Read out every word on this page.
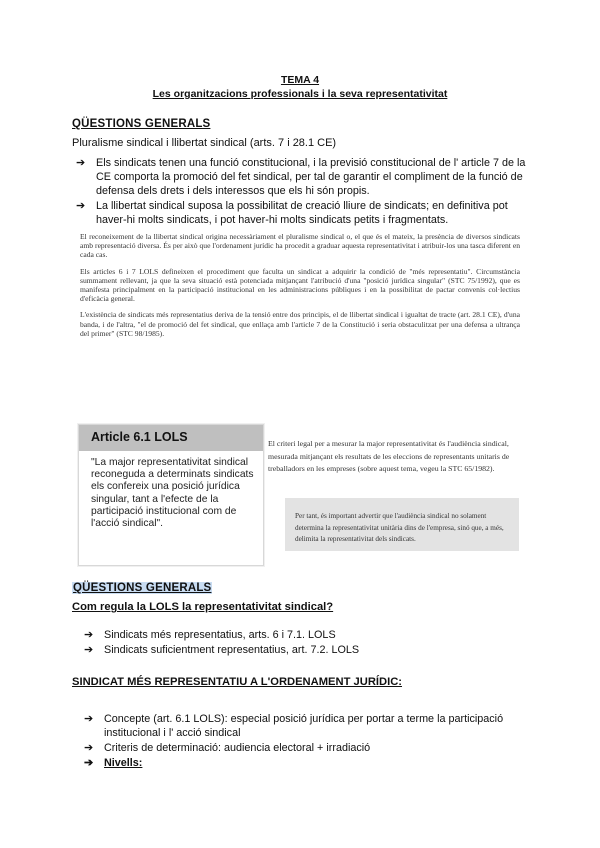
TEMA 4
Les organitzacions professionals i la seva representativitat
QÜESTIONS GENERALS
Pluralisme sindical i llibertat sindical (arts. 7 i 28.1 CE)
➔ Els sindicats tenen una funció constitucional, i la previsió constitucional de l' article 7 de la CE comporta la promoció del fet sindical, per tal de garantir el compliment de la funció de defensa dels drets i dels interessos que els hi són propis.
➔ La llibertat sindical suposa la possibilitat de creació lliure de sindicats; en definitiva pot haver-hi molts sindicats, i pot haver-hi molts sindicats petits i fragmentats.

El reconeixement de la llibertat sindical origina necessàriament el pluralisme sindical o, el que és el mateix, la presència de diversos sindicats amb representació diversa. És per això que l'ordenament jurídic ha procedit a graduar aquesta representativitat i atribuir-los una tasca diferent en cada cas.

Els articles 6 i 7 LOLS defineixen el procediment que faculta un sindicat a adquirir la condició de "més representatiu". Circumstància summament rellevant, ja que la seva situació està potenciada mitjançant l'atribució d'una "posició jurídica singular" (STC 75/1992), que es manifesta principalment en la participació institucional en les administracions públiques i en la possibilitat de pactar convenis col·lectius d'eficàcia general.

L'existència de sindicats més representatius deriva de la tensió entre dos principis, el de llibertat sindical i igualtat de tracte (art. 28.1 CE), d'una banda, i de l'altra, "el de promoció del fet sindical, que enllaça amb l'article 7 de la Constitució i seria obstaculitzat per una defensa a ultrança del primer" (STC 98/1985).

Article 6.1 LOLS
"La major representativitat sindical reconeguda a determinats sindicats els confereix una posició jurídica singular, tant a l'efecte de la participació institucional com de l'acció sindical".
El criteri legal per a mesurar la major representativitat és l'audiència sindical, mesurada mitjançant els resultats de les eleccions de representants unitaris de treballadors en les empreses (sobre aquest tema, vegeu la STC 65/1982).
Per tant, és important advertir que l'audiència sindical no solament determina la representativitat unitària dins de l'empresa, sinó que, a més, delimita la representativitat dels sindicats.
QÜESTIONS GENERALS
Com regula la LOLS la representativitat sindical?
➔ Sindicats més representatius, arts. 6 i 7.1. LOLS
➔ Sindicats suficientment representatius, art. 7.2. LOLS
SINDICAT MÉS REPRESENTATIU A L'ORDENAMENT JURÍDIC:
➔ Concepte (art. 6.1 LOLS): especial posició jurídica per portar a terme la participació institucional i l' acció sindical
➔ Criteris de determinació: audiencia electoral + irradiació
➔ Nivells:
